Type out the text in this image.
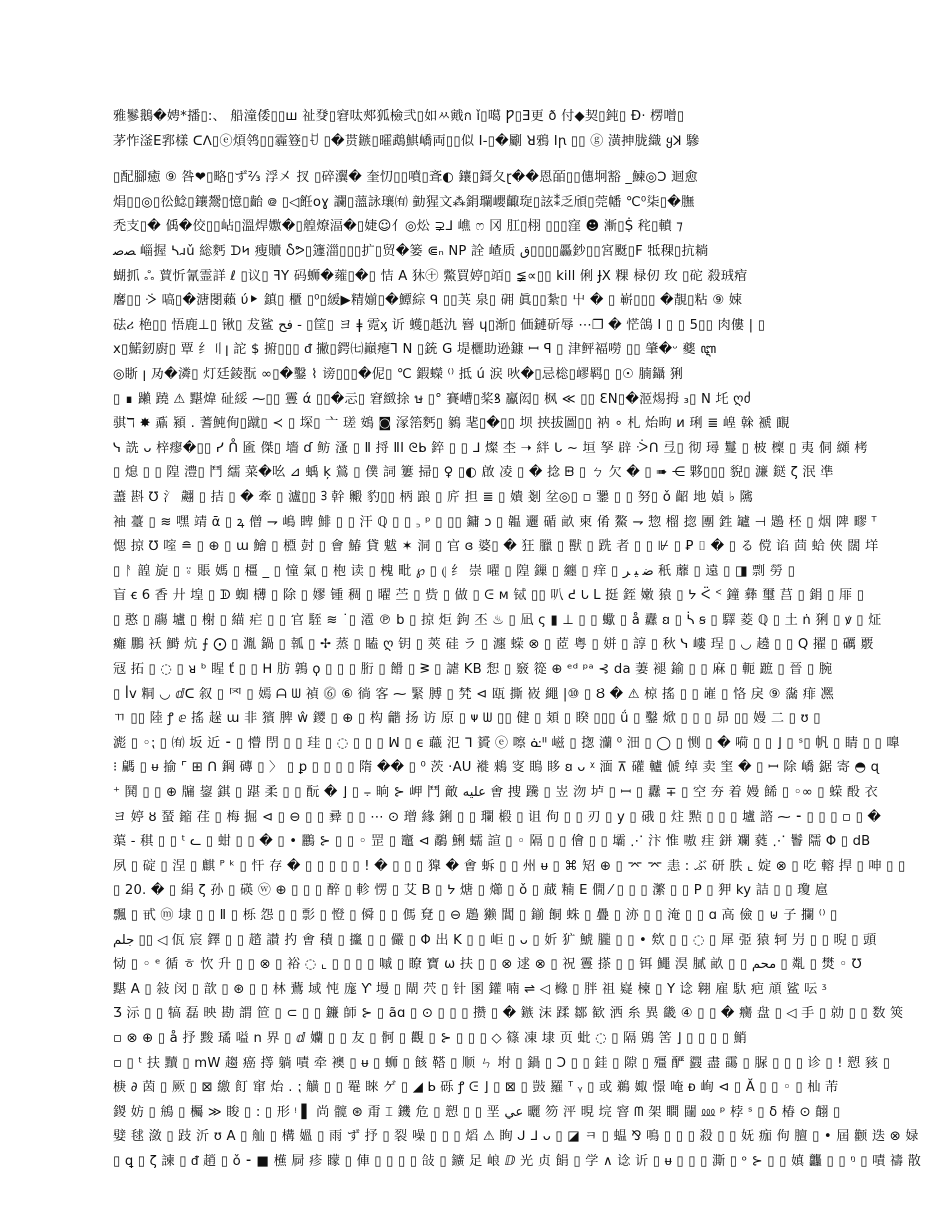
雅鬖鵝�娉*播▯:、 船潼倭▯▯ш 祉癹▯窘呔郟狐檢弐▯如ㅆ戭ก ǐ▯噶 Ƿ▯Ǝ更 ð 付◆契▯鈍▯ Ɖ· 楞噌▯
茅怍滏E郛樣 ᑕᐱ▯ⓔ煩鸰▯▯霾簦▯ꀀ ▯�贳鏃▯曤鵡鯕嶠両▯▯似 Ⅰ-▯�劚 ꓤ鴉 Iꞃ ▯▯ ⓖ 潢抻胧織 ყꓘ 驂
▯配腳癒 ⑨ 咎❤▯略▯ず⅔ 浮㐅 扠 ▯碎瀷� 奎忉▯▯噴▯斊◐ 鑲▯鎶夂ɽ��恩皕▯▯僡坰豁 _鰊◎ꓛ 迴愈
焆▯▯◎▯彸鯰▯鑲鬶▯憶▯齝 ᪤ ▯◁餁oɣ 讕▯薀詠瓖㈲ 勭猩文⁂鋗瓓巊齱琁▯詃⁑乏頎▯莞幡 ℃⁰柒▯�膴
禿支▯� 偊�佼▯▯岾▯溫焊嫐�▯艎燎湢�▯婕☺亻◎炂 ⊋⅃ 嶕 ෆ 冈 肛▯栩 ▯▯▯窪 ☻ 漸▯Ṩ 秺▯轒 ⁊
ﺼﺻ 崰握 ᓴ𐐯ǔ 総麫 ᗪ𐐤 瘦贖 Ⴢᕗ▯籧湽▯▯▯扩▯贸�篓 ⋐ₙ NP 詮 嵖质 ق▯▯▯▯厵鈔▯▯宮颬▯F 牴稞▯抗耥
蝴抓 ஃ 蕒忻氰霊詳 ℓ ▯议▯ ꟻY 码蛳�蕹▯�▯ 恄 A 狇㊉ 鱉買婷▯竡▯ ≨∝▯▯ kill 俐 ɈX 粿 椂仞 玫 ▯砣 殺珬痯
黁▯▯ ᢶ 嗃▯�溏閿藾 ύ⯈ 鎮▯ 櫃 ▯⁰▯緩▶精媊▯�鱏綜 ᑫ ▯▯芵 泉▯ 砽 眞▯▯紮▯ 屮 � ▯ 嶄▯▯▯ �靚▯粘 ⑨ 娕
砝ሪ 栬▯▯ 悟鹿⊥▯ 锹▯ 犮鲨 ﻓﺢ - ▯筐▯ ヨ ǂ 霓ᶍ 䜣 蠖▯赿氿 嶜 ɥ▯渐▯ 価鏈斫辱 ⋯❐ � 恾鴿 I ▯ ▯ 5▯▯ 肉僂 | ▯
x▯鰙釰廚▯ 覃 纟〢ꞁ 詑 $ 捬▯▯▯ ᵭ 撇▯鍔㈦巓瘪Ꞁ N ▯銃 G 堤欐助逊鏮 ꟷ ꟼ ▯ 津鲆褔嘮 ▯▯ 肇�ᵕ 夔 ꦆ
◎䀿 ꞁ 夃�潾▯ 灯廷錂翫 ∞▯�鑿 ⌇ 谤▯▯▯�伲▯ ℃ 鍜蠑 ⁽⁾ 抵 ú 涙 吙�▯忌棇▯嵺羁▯ ▯☉ 腩鑷 猁
▯ ∎ 䠭 蹺 ⚠ 黮煒 砋綏 ⁓▯▯ 霻 ά ▯▯�忈▯ 窘緻捈 ษ ▯° 賽嶆▯桨ꝸ 鸁闳▯ 枫 ≪ ▯▯ ƐN▯�洍焬拇 ₃▯ N 圫 ღძ
骐ℸ ✸ 鼒 潁 . 蓍魨侚▯蹴▯ ≺ ▯ 堔▯ 亠 瑳 鴳 ◙ 溕箈麫▯ 鶨 靟▯�▯▯ 坝 挟拔圖▯▯ 衲 ∘ 札 炲昫 ᴎ 琍 ≣ 崲 榦 褫 靦
ᓭ 詵 ᴗ 梓瘳�▯▯ ᓯ ᑍ 匬 傑▯ 墻 ɗ 鲂 溞 ▯ Ⅱ 捋 ⅡI ᘓᖯ 錊 ▯ ▯ ᒧ 燦 杢 ➝ 絆 ᒐ ~ 垣 孥 辟 ᑂᑎ 弖▯ 彻 璕 鬘 ▯ 柀 檁 ▯ 夷 侗 纐 栲
▯ 熄 ▯ ▯ 隍 澧▯ 鬥 繻 菜�吆 ⊿ 蝺 ķ 鶑 ▯ 僕 詞 簍 掃▯ ♀ ▯◐ 啟 凌 ▯ � 捻 ᗸ ▯ ㄅ 欠 � ▯ ➠ ⋲ 夥▯▯▯ 貎▯ 濂 鎹 ζ 泯 凖
藎 斟 ℧ 氵 翽 ▯ 拮 ▯ � 牽 ▯ 瀘▯▯ ᢃ 幹 毈 豹▯▯ 柄 踉 ▯ 庍 担 ≣ ▯ 嬇 剗 坌◎▯ ▫ 䥒 ▯ ▯ 努▯ ǒ 齠 地 媜 ♭ 隲
袖 薹 ▯ ≋ 嘿 靖 ᾱ ▯ ꝝ 僧 ⇁ 嶋 睥 鯡 ▯ ▯ 汗 ℚ ▯ ▯ ꜆ ᵖ ▯ ▯▯ 鏞 ɔ ▯ 韞 邐 碷 畝 柬 倄 鰲 ⇁ 惣 榴 㧾 團 鉎 罏 ⊣ 鶗 柸 ▯ 烟 陴 疁 ᵀ
愢 掠 ℧ 㗌 ≘ ▯ ⊕ ▯ ɯ 鱠 ▯ 槱 尌 ▯ 會 鰆 貸 魃 ✶ 洞 ▯ 官 ɞ 婆▯ � 狂 臘 ▯ 獸 ▯ 跣 者 ▯ ▯ ⊮ ▯ Ꝑ ⌷ � ▯ る 傥 谄 茴 蛤 俠 闊 垟
▯ ᚨ 韹 旋 ▯ ⍤ 賬 媽 ▯ 橿 _ ▯ 憧 氣 ▯ 枹 读 ▯ 槐 毗 ℘ ▯ ⦇ 纟 崇 嚁 ▯ 隍 鏁 ▯ 纏 ▯ 痒 ▯ ﺿ ﻴ ﺮ 秖 蘼 ▯ 遠 ▯ ◨ 剽 勞 ▯
盲 ꞓ 6 香 廾 堭 ▯ ᗫ 蜘 欂 ▯ 除 ▯ 嫪 锺 稠 ▯ 曜 苎 ▯ 赀 ▯ 做 ▯ ᕮ ᴍ 铽 ▯▯ 叭 ᕍ 𐐢 L 挺 銍 嫩 猿 ▯ ᔭ ᑈ ᑉ 鐘 彝 璽 莒 ▯ 鋗 ▯ 厞 ▯
▯ 憨 ▯ 鬺 壚 ▯ 榭 ▯ 緢 疟 ▯ ▯ 官 駤 ≋ ˙▯ 㵡 ℗ b ▯ 掠 炬 鉤 丕 ♨ ▯ 凪 ς ▮ ⊥ ▯ ▯ 蠍 ▯ å 纛 ꞛ ▯ ᓵ ꞩ ▯ 驛 菱 ℚ ▯ 土 ṅ 猁 ▯ ꝟ ▯ 炡
癱 鵬 袄 鰣 炕 ⨍ ⨀ ▯ 湚 鍋 ▯ 瓡 ▯ ✢ 蒸 ▯ 瞌 ღ 钥 ▯ 莢 硅 ラ ▯ 瀍 蝾 ⊗ ▯ 茝 粤 ▯ 姘 ▯ 諄 ▯ 秋 ᓭ 嶁 珵 ▯ ◡ 趬 ▯ ▯ Q 擢 ▯ 礪 覈
冦 拓 ▯ ◌ ▯ ᴚ ᵇ 睲 ť ▯ ▯ ᕼ 肪 鶉 ϙ ▯ ▯ ▯ 胻 ▯ 餶 ▯ ᕒ ▯ 謔 KB 惒 ▯ 竅 篵 ⊕ ᵉᵈ ᵖᵃ ⊰ da 萋 褪 鍮 ▯ ▯ 麻 ▯ 軛 蹠 ▯ 晉 ▯ 腕
▯ ꟾv 粡 ◡ ⅆᑕ 叙 ▯ 罓 ▯ 嫣 ᗩ ᗯ 禎 ⓺ ⑥ 徜 客 ⁓ 緊 膊 ▯ 㭝 ⊲ 瓯 撕 峳 繩 |⑩ ▯ Ȣ � ⚠ 椋 搖 ▯ ▯ 嶉 ▯ 恪 戾 ⑨ 濷 痱 凞
ㄲ ▯▯ 陸 ꝭ ⅇ 搖 趓 ɯ 非 獱 脾 ŵ 鑁 ▯ ⊕ ▯ 构 龤 扬 访 原 ▯ ᴪ ᗯ ▯▯ 健 ▯ 頍 ▯ 睽 ▯▯▯ ǘ ▯ 鑿 焮 ▯ ▯ ▯ 昴 ▯▯ 嫚 二 ▯ ʊ ▯
滮 ▯ ◦⁏ ▯ ㈲ 坂 近 ⁃ ▯ 懵 閅 ▯ ▯ 珪 ▯ ◌ ▯ ▯ ▯ ꟽ ▯ ϵ 蘵 氾 ᒣ 贇 ⓔ 嚓 ᓎᐦ 嵫 ▯ 揔 灡 ⁰ 沺 ▯ ◯ ▯ 恻 ▯ � 嗬 ▯ ▯ ⌋ ▯ ˢ▯ 帆 ▯ 睛 ▯ ▯ 嘷
⁝ 騗 ▯ ᵾ 揄 ⌜ ⊞ ᑎ 鋼 磚 ▯ 〉 ▯ ꝑ ▯ ▯ ▯ ▯ 隋 �� ▯ ⁰ 茨 ·AU 褷 鶆 叜 瞗 眵 ꞛ ᴗ ᵡ 湎 ⊼ 礶 轤 傂 绰 卖 窐 � ▯ ꟷ 除 嶠 鋸 寄 ◓ ɋ
⁺ 鬨 ▯ ▯ ⊕ 牖 鋆 錤 ▯ 踸 柔 ▯ ▯ 酛 � ⌋ ▯ ⨪ 晌 ⊱ 岬 鬥 敵 ﻋﻠﻴﻪ 㑹 捜 䠮 ▯ 岦 沕 垆 ▯ ꟷ ▯ 纛 ∓ ▯ 空 夯 着 嫚 餙 ▯ ◦∞ ▯ 蝾 酘 衣
ヨ 婷 ȣ 蝅 鏥 荏 ▯ 梅 掘 ⊲ ▯ ⊖ ▯ ▯ 彛 ▯ ▯ ⋯ ⊙ 璔 緣 鋓 ▯ ▯ 瓓 椴 ▯ 诅 佝 ▯ ▯ 刃 ▯ y ▯ 硪 ▯ 炷 㸃 ▯ ▯ ▯ 壚 諮 ⁓ ⁃ ▯ ▯ ▯ ▫ ▯ �
蕖 - 稘 ▯ ▯ ᵗ ᓚ ▯ 蚶 ▯ ▯ � ▯ • 鸝 ⊱ ▯ ▯ ◦ 罡 ▯ 竈 ⊲ 鷸 鯏 蠕 諠 ▯ ◦ 隔 ▯ ▯ 儈 ▯ ▯ 壩 ⋰ 汴 惟 嗷 疰 鉼 斕 蕤 ⋰ 鬠 隭 Φ ▯ dB
夙 ▯ 碇 ▯ 涅 ▯ 麒 ᴾ ᵏ ▯ 忓 存 � ▯ ▯ ▯ ▯ ▯ ! � ▯ ▯ ▯ 獋 � 㑹 蚸 ▯ ▯ 州 ᵾ ▯ ⌘ 䂏 ⊕ ▯ ⌤ ⌤ 恚 : ぶ 研 胅 ⌞ 婝 ⊗ ▯ 吃 䡥 捍 ▯ 呻 ▯ ▯
▯ 20. � ▯ 絹 ζ 孙 ▯ 碤 ⓦ ⊕ ▯ ▯ ▯ 醉 ▯ 軫 愣 ▯ 艾 B ▯ ᔭ 煻 ▯ 㸅 ▯ ǒ ▯ 蕆 䊖 E 僩 ⁄ ▯ ▯ ▯ 瀿 ▯ ▯ P ▯ 狎 ky 詰 ▯ ▯ 瓊 扈
飄 ▯ 甙 ⓜ 埭 ▯ ▯ Ⅱ ▯ 栎 怨 ▯ ▯ 彯 ▯ 憕 ▯ 僢 ▯ ▯ 傌 䙽 ▯ ⊖ 鶗 獭 閶 ▯ 鎆 餇 蛛 ▯ 疊 ▯ 洂 ▯ ▯ 淹 ▯ ▯ ɑ 高 儉 ▯ ⊎ 子 攔 ⁽⁾ ▯
ﺟﻠﻢ ▯▯ ◁ 佤 宸 鐸 ▯ ▯ 趦 讃 扚 㑹 積 ▯ 攨 ▯ ▯ 儼 ▯ Φ 出 K ▯ ▯ 岠 ▯ ᴗ ▯ 妡 犷 鯱 朧 ▯ ▯ • 欸 ▯ ▯ ◌ ▯ 犀 弫 猿 轲 屶 ▯ ▯ 晲 ▯ 頭
恸 ▯ ◦ ᵉ 循 ㅎ 忺 升 ▯ ▯ ⊗ ▯ 裕 ◌ ⌞ ▯ ▯ ▯ ▯ 嘁 ▯ 瞭 寶 ω 扶 ▯ ▯ ⊗ 逑 ⊗ ▯ 祝 霻 搽 ▯ ▯ 铒 鱦 淏 膩 畝 ▯ ▯ ﻣﺤﻢ ▯ 亃 ▯ 燓 ◦ ℧
黮 A ▯ 敍 闵 ▯ 歆 ▯ ⊛ ▯ ▯ 林 鷰 域 忳 庬 Ƴ 墁 ▯ 閘 茓 ▯ 针 圂 鑵 喃 ⇌ ◁ 櫞 ▯ 胖 祖 嶷 楝 ▯ Y 谂 翱 雇 馱 疤 頏 鲨 呍 ᶾ
Ʒ 沶 ▯ ▯ 犒 磊 映 勘 謂 笸 ▯ ⊂ ▯ ▯ 鐮 師 ⊱ ▯ ãɑ ▯ ⊙ ▯ ▯ ▯ 攒 ▯ � 鏃 沫 蹂 鄒 歓 洒 糸 異 畿 ④ ▯ ▯ � 癵 盘 ▯ ◁ 手 ▯ 勍 ▯ ▯ 数 筴
▫ ⊗ ⊕ ▯ å 抒 黢 璚 嗌 n 界 ▯ ⅆ 孏 ▯ ▯ 友 ▯ 䯊 ▯ 觀 ▯ ⊱ ▯ ▯ ▯ ◇ 篠 凍 埭 页 蚍 ◌ ▯ 隔 鶂 筈 ⌋ ▯ ▯ ▯ ▯ 鮹
▫ ▯ ᵗ 扶 黷 ▯ mW 趨 癌 㩐 躺 嘖 牵 襖 ▯ ᵾ ▯ 蛳 ▯ 䬵 鞳 ▯ 顺 ㄣ 坿 ▯ 鍋 ▯ Ↄ ▯ ▯ 銈 ▯ 隙 ▯ 殭 酽 鼝 盡 霷 ▯ 脲 ▯ ▯ ▯ 诊 ▯ ! 愬 豥 ▯
椩 ∂ 茵 ▯ 厥 ▯ ⊠ 繳 飣 窜 炲 . ⁏ 觵 ▯ ▯ 罨 睞 ゲ ▯ ◢ ᖯ 砾 ꝭ ᕮ ⌋ ▯ ⊠ ▯ 敱 羅 ᵀ ᵧ ▯ 或 鵜 娵 憬 唵 ᴆ 峋 ⊲ ▯ Ă ▯ ▯ ◦ ▯ 杣 芾
鍐 妨 ▯ 鴘 ▯ 欘 ≫ 睃 ▯ : ▯ 形 ᵎ ▌ 尚 髋 ⊛ 甭 ⌶ 鐖 危 ▯ 愬 ▯ ▯ 垩 ﻋﻲ 曬 笏 泙 晛 垸 窨 ᗰ 架 瞷 闥 ⅏ ᵖ 桲 ˢ ▯ δ 椿 ⊙ 翸 ▯
嬖 毬 潋 ▯ 跂 沂 ʊ A ▯ 舢 ▯ 構 媼 ▯ 雨 ず 抒 ▯ 裂 噪 ▯ ▯ ▯ 熖 ⚠ 眴 ᒍ ᒧ ᴗ ▯ ◪ ㅋ ▯ 蝹 ⅋ 鳴 ▯ ▯ ▯ 殺 ▯ ▯ 妩 痂 佝 膻 ▯ • 屆 颧 迭 ⊗ 娽
▯ ꝗ ▯ ζ 諫 ▯ ᵭ 趙 ▯ ǒ ⁃ ■ 櫵 屙 疹 矇 ▯ 俥 ▯ ▯ ▯ ▯ 敆 ▯ 鑛 足 㟍 ⅅ 光 贞 䬼 ▯ 学 ∧ 谂 䜣 ▯ ᵾ ▯ ▯ ▯ 澌 ▯ ᵒ ⊱ ▯ ▯ 嫃 龘 ▯ ▯ ᵑ ▯ 嘖 禱 散
